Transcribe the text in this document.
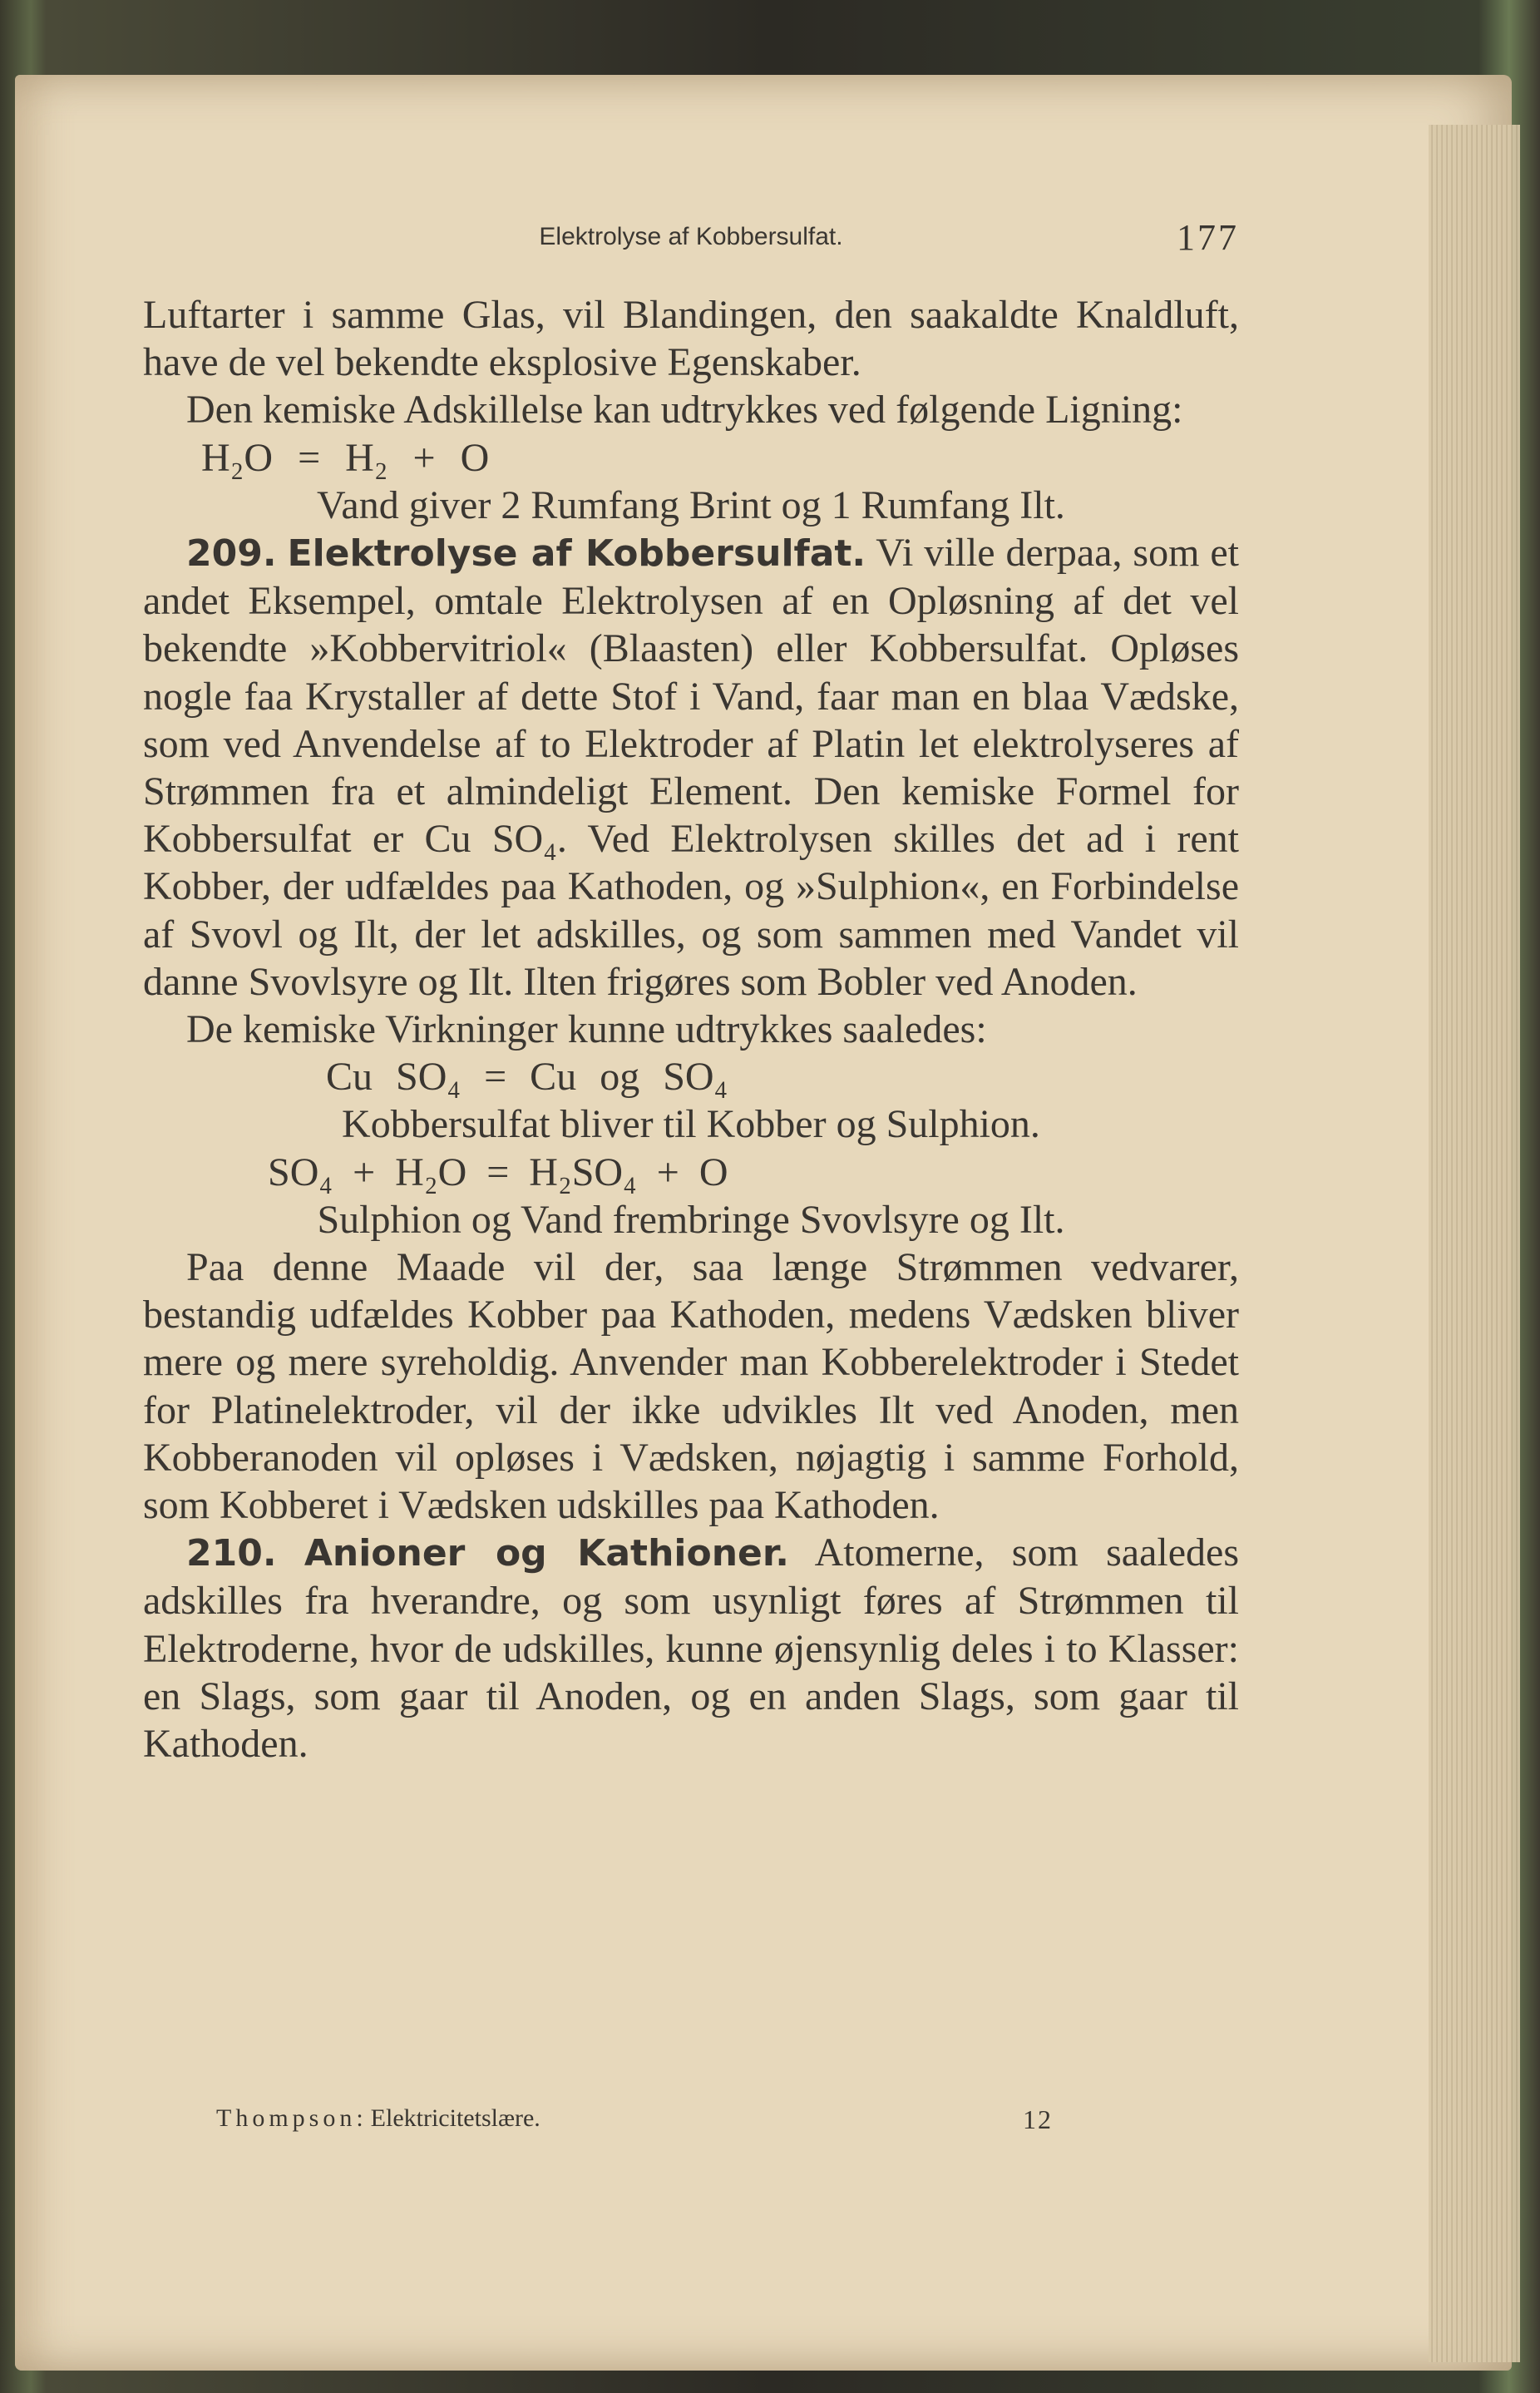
Elektrolyse af Kobbersulfat.	177

Luftarter i samme Glas, vil Blandingen, den saakaldte Knaldluft, have de vel bekendte eksplosive Egenskaber.

Den kemiske Adskillelse kan udtrykkes ved følgende Ligning:

H₂O = H₂ + O

Vand giver 2 Rumfang Brint og 1 Rumfang Ilt.

209. Elektrolyse af Kobbersulfat. Vi ville derpaa, som et andet Eksempel, omtale Elektrolysen af en Opløsning af det vel bekendte »Kobbervitriol« (Blaasten) eller Kobbersulfat. Opløses nogle faa Krystaller af dette Stof i Vand, faar man en blaa Vædske, som ved Anvendelse af to Elektroder af Platin let elektrolyseres af Strømmen fra et almindeligt Element. Den kemiske Formel for Kobbersulfat er Cu SO₄. Ved Elektrolysen skilles det ad i rent Kobber, der udfældes paa Kathoden, og »Sulphion«, en Forbindelse af Svovl og Ilt, der let adskilles, og som sammen med Vandet vil danne Svovlsyre og Ilt. Ilten frigøres som Bobler ved Anoden.

De kemiske Virkninger kunne udtrykkes saaledes:

Cu SO₄ = Cu og SO₄

Kobbersulfat bliver til Kobber og Sulphion.

SO₄ + H₂O = H₂SO₄ + O

Sulphion og Vand frembringe Svovlsyre og Ilt.

Paa denne Maade vil der, saa længe Strømmen vedvarer, bestandig udfældes Kobber paa Kathoden, medens Vædsken bliver mere og mere syreholdig. Anvender man Kobberelektroder i Stedet for Platinelektroder, vil der ikke udvikles Ilt ved Anoden, men Kobberanoden vil opløses i Vædsken, nøjagtig i samme Forhold, som Kobberet i Vædsken udskilles paa Kathoden.

210. Anioner og Kathioner. Atomerne, som saaledes adskilles fra hverandre, og som usynligt føres af Strømmen til Elektroderne, hvor de udskilles, kunne øjensynlig deles i to Klasser: en Slags, som gaar til Anoden, og en anden Slags, som gaar til Kathoden.

Thompson: Elektricitetslære.	12
